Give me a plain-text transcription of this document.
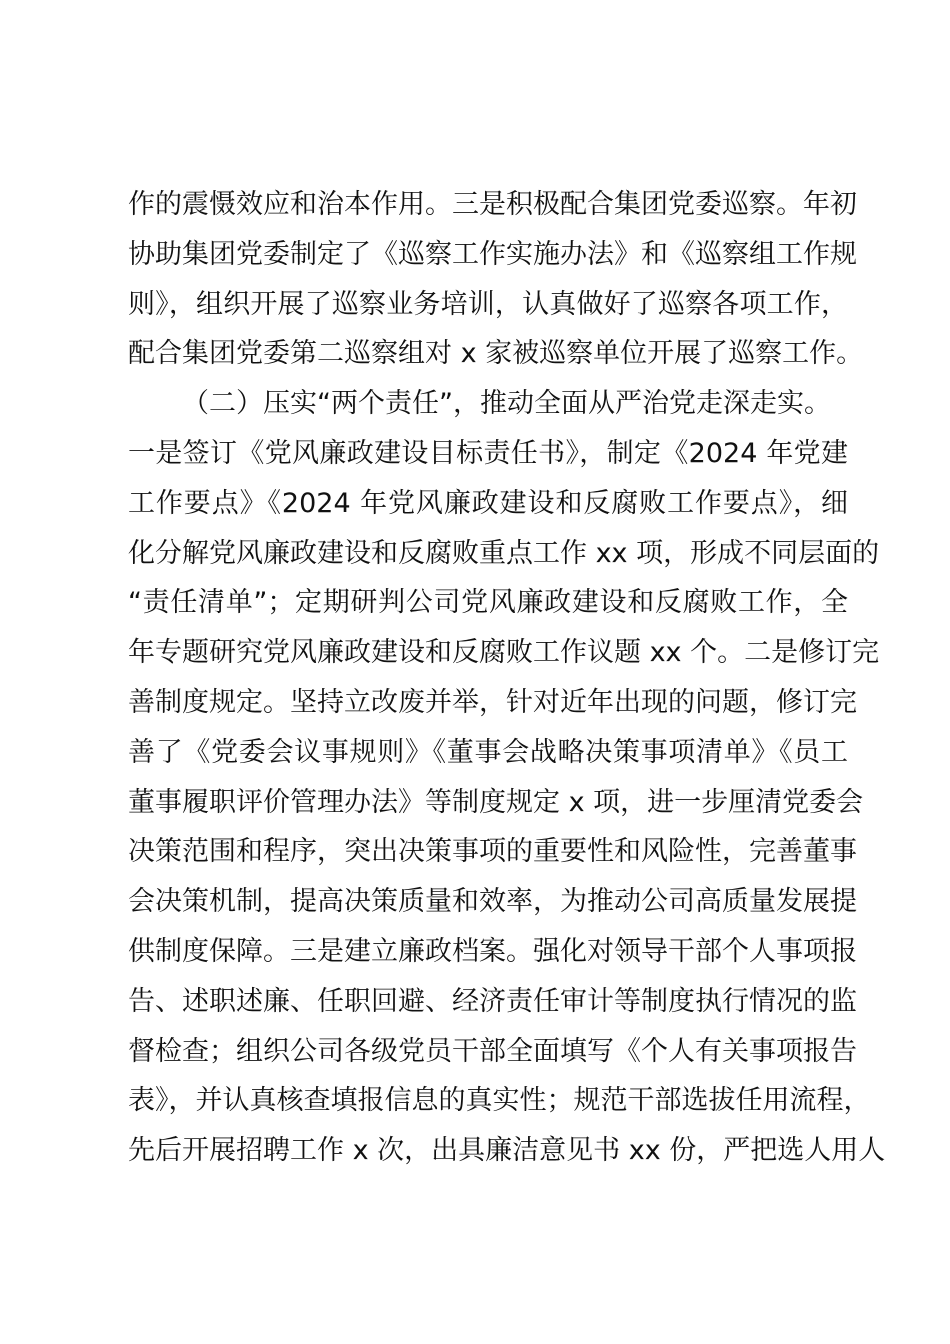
作的震慑效应和治本作用。三是积极配合集团党委巡察。年初
协助集团党委制定了《巡察工作实施办法》和《巡察组工作规
则》，组织开展了巡察业务培训，认真做好了巡察各项工作，
配合集团党委第二巡察组对 x 家被巡察单位开展了巡察工作。
（二）压实“两个责任”，推动全面从严治党走深走实。
一是签订《党风廉政建设目标责任书》，制定《2024 年党建
工作要点》《2024 年党风廉政建设和反腐败工作要点》，细
化分解党风廉政建设和反腐败重点工作 xx 项，形成不同层面的
“责任清单”；定期研判公司党风廉政建设和反腐败工作，全
年专题研究党风廉政建设和反腐败工作议题 xx 个。二是修订完
善制度规定。坚持立改废并举，针对近年出现的问题，修订完
善了《党委会议事规则》《董事会战略决策事项清单》《员工
董事履职评价管理办法》等制度规定 x 项，进一步厘清党委会
决策范围和程序，突出决策事项的重要性和风险性，完善董事
会决策机制，提高决策质量和效率，为推动公司高质量发展提
供制度保障。三是建立廉政档案。强化对领导干部个人事项报
告、述职述廉、任职回避、经济责任审计等制度执行情况的监
督检查；组织公司各级党员干部全面填写《个人有关事项报告
表》，并认真核查填报信息的真实性；规范干部选拔任用流程，
先后开展招聘工作 x 次，出具廉洁意见书 xx 份，严把选人用人
